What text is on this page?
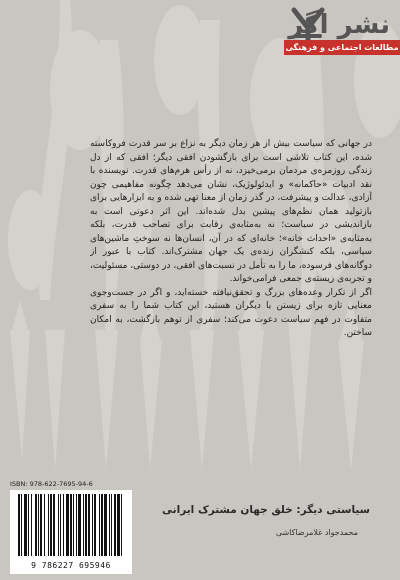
نشر اگر
مطالعات اجتماعی و فرهنگی

در جهانی که سیاست بیش از هر زمان دیگر به نزاع بر سر قدرت فروکاسته شده، این کتاب تلاشی است برای بازگشودن افقی دیگر؛ افقی که از دل زندگی روزمره‌ی مردمان برمی‌خیزد، نه از رأس هرم‌های قدرت. نویسنده با نقد ادبیات «حاکمانه» و ایدئولوژیک، نشان می‌دهد چگونه مفاهیمی چون آزادی، عدالت و پیشرفت، در گذر زمان از معنا تهی شده و به ابزارهایی برای بازتولید همان نظم‌های پیشین بدل شده‌اند. این اثر دعوتی است به بازاندیشی در سیاست؛ نه به‌مثابه‌ی رقابت برای تصاحب قدرت، بلکه به‌مثابه‌ی «احداث خانه»؛ خانه‌ای که در آن، انسان‌ها نه سوختِ ماشین‌های سیاسی، بلکه کنشگران زنده‌ی یک جهان مشترک‌اند. کتاب با عبور از دوگانه‌های فرسوده، ما را به تأمل در نسبت‌های افقی، در دوستی، مسئولیت، و تجربه‌ی زیسته‌ی جمعی فرامی‌خواند.

اگر از تکرار وعده‌های بزرگ و تحقق‌نیافته خسته‌اید، و اگر در جست‌وجوی معنایی تازه برای زیستن با دیگران هستید، این کتاب شما را به سفری متفاوت در فهم سیاست دعوت می‌کند؛ سفری از توهم بازگشت، به امکان ساختن.

سیاستی دیگر: خلق جهان مشترک ایرانی
محمدجواد غلامرضاکاشی
ISBN: 978-622-7695-94-6
9 786227 695946
